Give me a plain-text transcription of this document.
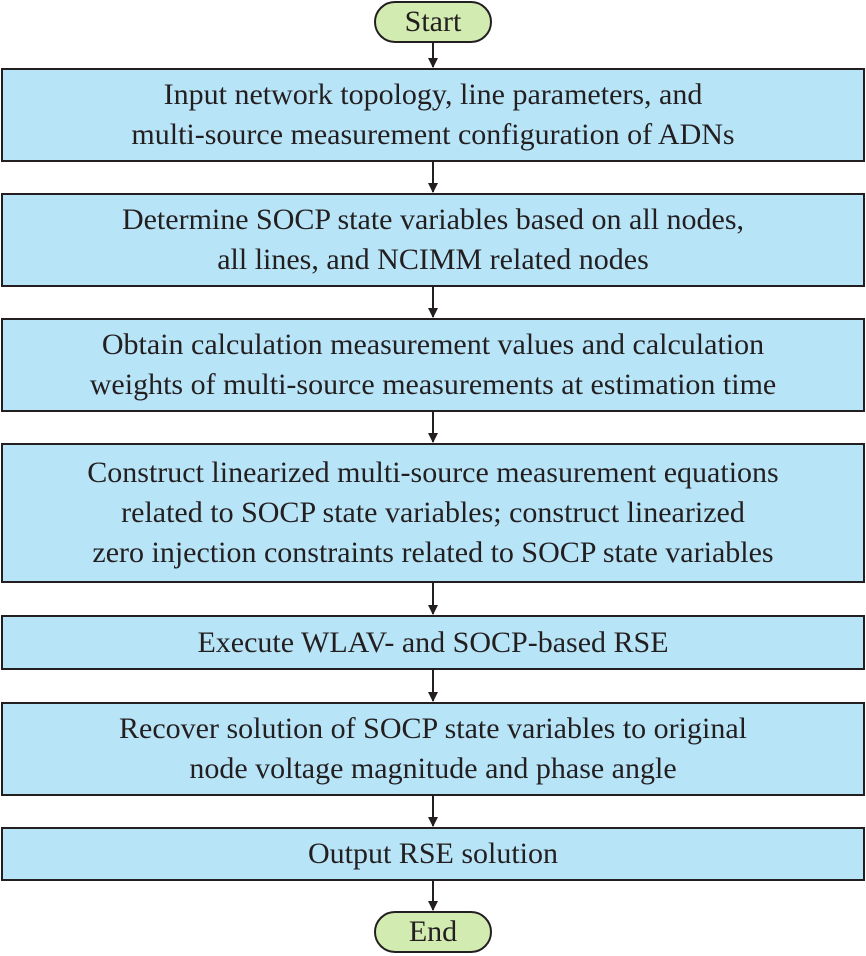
Start
Input network topology, line parameters, and
multi-source measurement configuration of ADNs
Determine SOCP state variables based on all nodes,
all lines, and NCIMM related nodes
Obtain calculation measurement values and calculation
weights of multi-source measurements at estimation time
Construct linearized multi-source measurement equations
related to SOCP state variables; construct linearized
zero injection constraints related to SOCP state variables
Execute WLAV- and SOCP-based RSE
Recover solution of SOCP state variables to original
node voltage magnitude and phase angle
Output RSE solution
End
